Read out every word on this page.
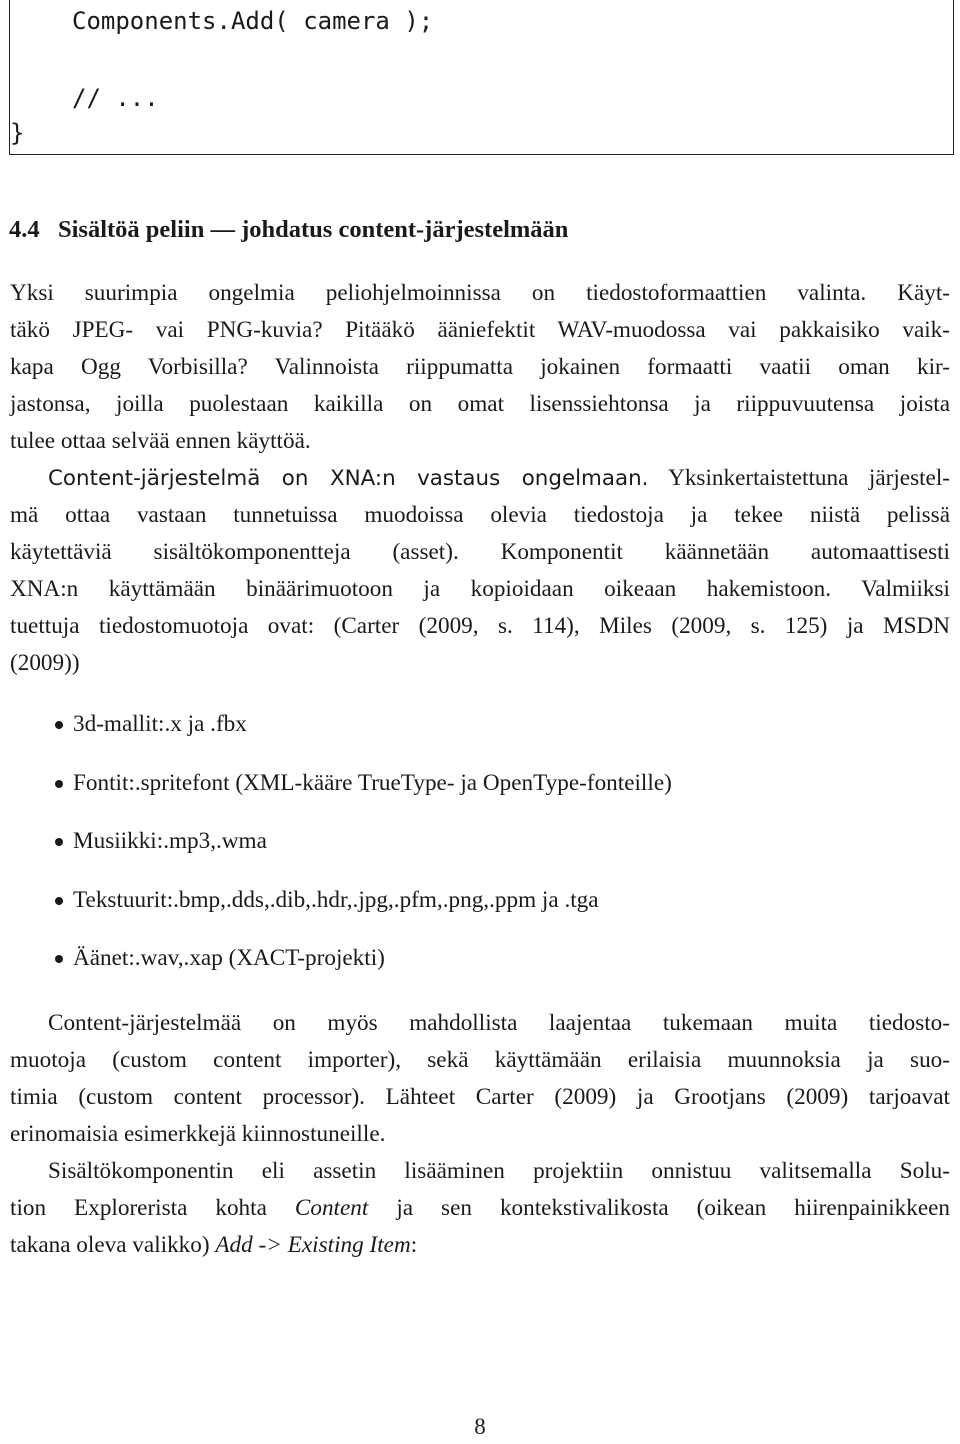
Components.Add( camera );
// ...
}
4.4 Sisältöä peliin — johdatus content-järjestelmään

Yksi suurimpia ongelmia peliohjelmoinnissa on tiedostoformaattien valinta. Käyt-
täkö JPEG- vai PNG-kuvia? Pitääkö ääniefektit WAV-muodossa vai pakkaisiko vaik-
kapa Ogg Vorbisilla? Valinnoista riippumatta jokainen formaatti vaatii oman kir-
jastonsa, joilla puolestaan kaikilla on omat lisenssiehtonsa ja riippuvuutensa joista
tulee ottaa selvää ennen käyttöä.

Content-järjestelmä on XNA:n vastaus ongelmaan. Yksinkertaistettuna järjestel-
mä ottaa vastaan tunnetuissa muodoissa olevia tiedostoja ja tekee niistä pelissä
käytettäviä sisältökomponentteja (asset). Komponentit käännetään automaattisesti
XNA:n käyttämään binäärimuotoon ja kopioidaan oikeaan hakemistoon. Valmiiksi
tuettuja tiedostomuotoja ovat: (Carter (2009, s. 114), Miles (2009, s. 125) ja MSDN
(2009))

3d-mallit:.x ja .fbx
Fontit:.spritefont (XML-kääre TrueType- ja OpenType-fonteille)
Musiikki:.mp3,.wma
Tekstuurit:.bmp,.dds,.dib,.hdr,.jpg,.pfm,.png,.ppm ja .tga
Äänet:.wav,.xap (XACT-projekti)

Content-järjestelmää on myös mahdollista laajentaa tukemaan muita tiedosto-
muotoja (custom content importer), sekä käyttämään erilaisia muunnoksia ja suo-
timia (custom content processor). Lähteet Carter (2009) ja Grootjans (2009) tarjoavat
erinomaisia esimerkkejä kiinnostuneille.

Sisältökomponentin eli assetin lisääminen projektiin onnistuu valitsemalla Solu-
tion Explorerista kohta Content ja sen kontekstivalikosta (oikean hiirenpainikkeen
takana oleva valikko) Add -> Existing Item:

8
